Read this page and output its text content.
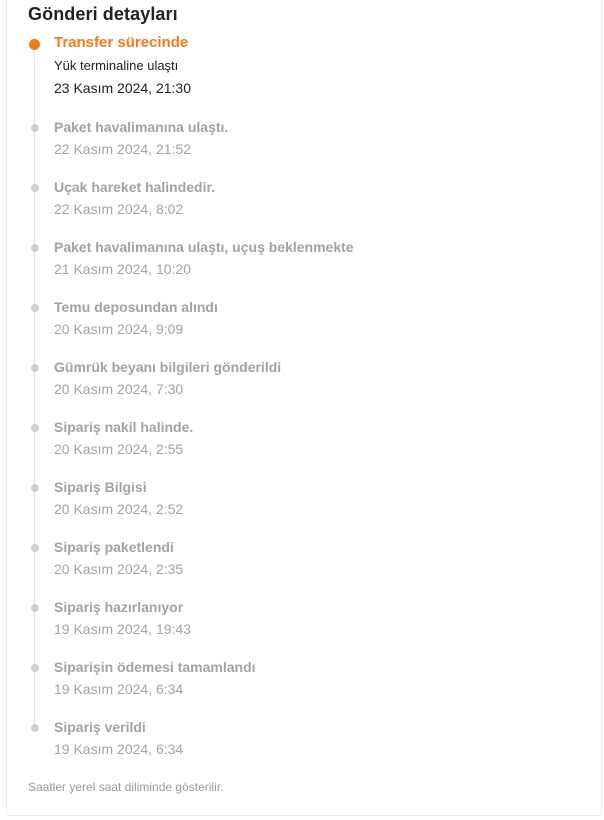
Gönderi detayları
Transfer sürecinde
Yük terminaline ulaştı
23 Kasım 2024, 21:30
Paket havalimanına ulaştı.
22 Kasım 2024, 21:52
Uçak hareket halindedir.
22 Kasım 2024, 8:02
Paket havalimanına ulaştı, uçuş beklenmekte
21 Kasım 2024, 10:20
Temu deposundan alındı
20 Kasım 2024, 9:09
Gümrük beyanı bilgileri gönderildi
20 Kasım 2024, 7:30
Sipariş nakil halinde.
20 Kasım 2024, 2:55
Sipariş Bilgisi
20 Kasım 2024, 2:52
Sipariş paketlendi
20 Kasım 2024, 2:35
Sipariş hazırlanıyor
19 Kasım 2024, 19:43
Siparişin ödemesi tamamlandı
19 Kasım 2024, 6:34
Sipariş verildi
19 Kasım 2024, 6:34
Saatler yerel saat diliminde gösterilir.
